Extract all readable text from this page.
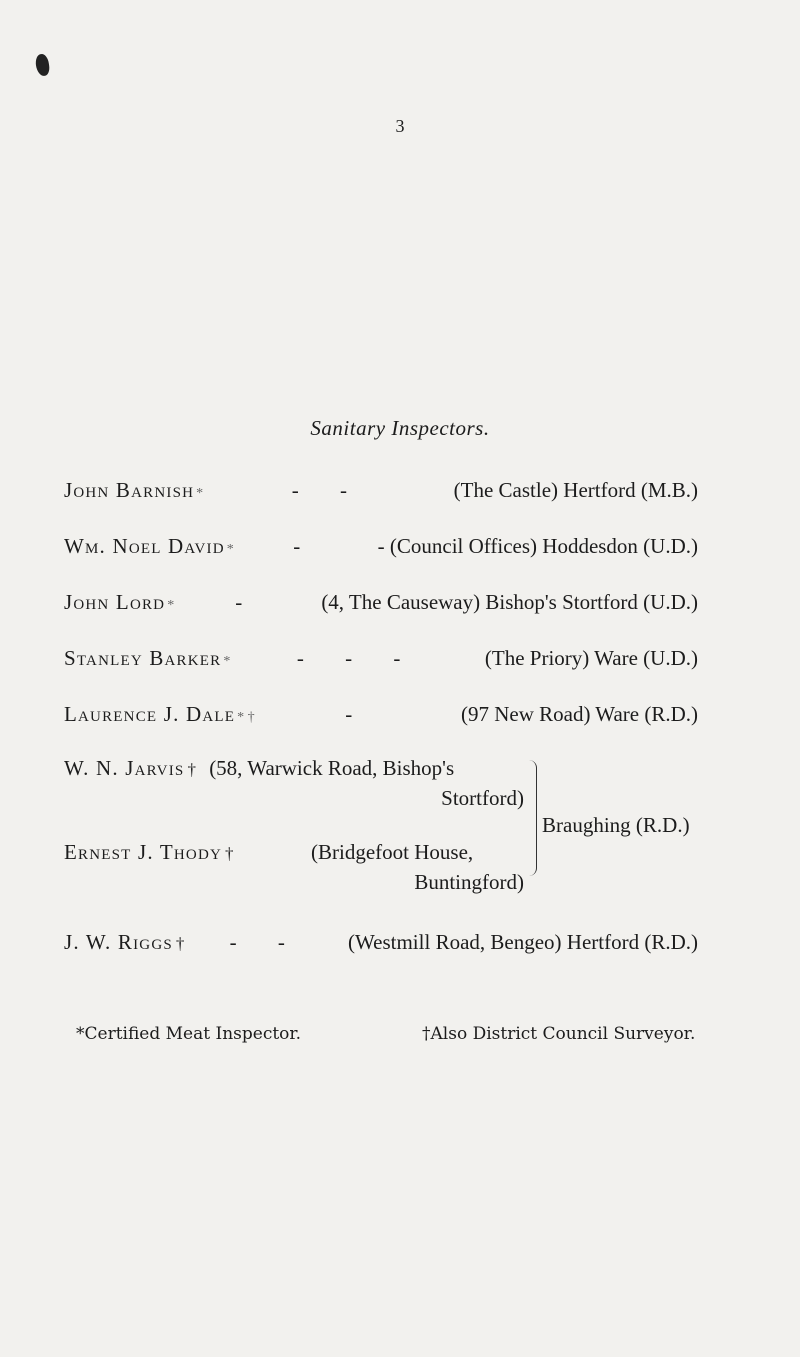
3
Sanitary Inspectors.
John Barnish *	- -	(The Castle) Hertford (M.B.)
Wm. Noel David *	-	- (Council Offices) Hoddesdon (U.D.)
John Lord *	-	(4, The Causeway) Bishop's Stortford (U.D.)
Stanley Barker *	- - -	(The Priory) Ware (U.D.)
Laurence J. Dale * †	-	(97 New Road) Ware (R.D.)
W. N. Jarvis † (58, Warwick Road, Bishop's
Stortford)
Ernest J. Thody †	(Bridgefoot House,
Buntingford)
Braughing (R.D.)
J. W. Riggs †	- -	(Westmill Road, Bengeo) Hertford (R.D.)
*Certified Meat Inspector.	†Also District Council Surveyor.
